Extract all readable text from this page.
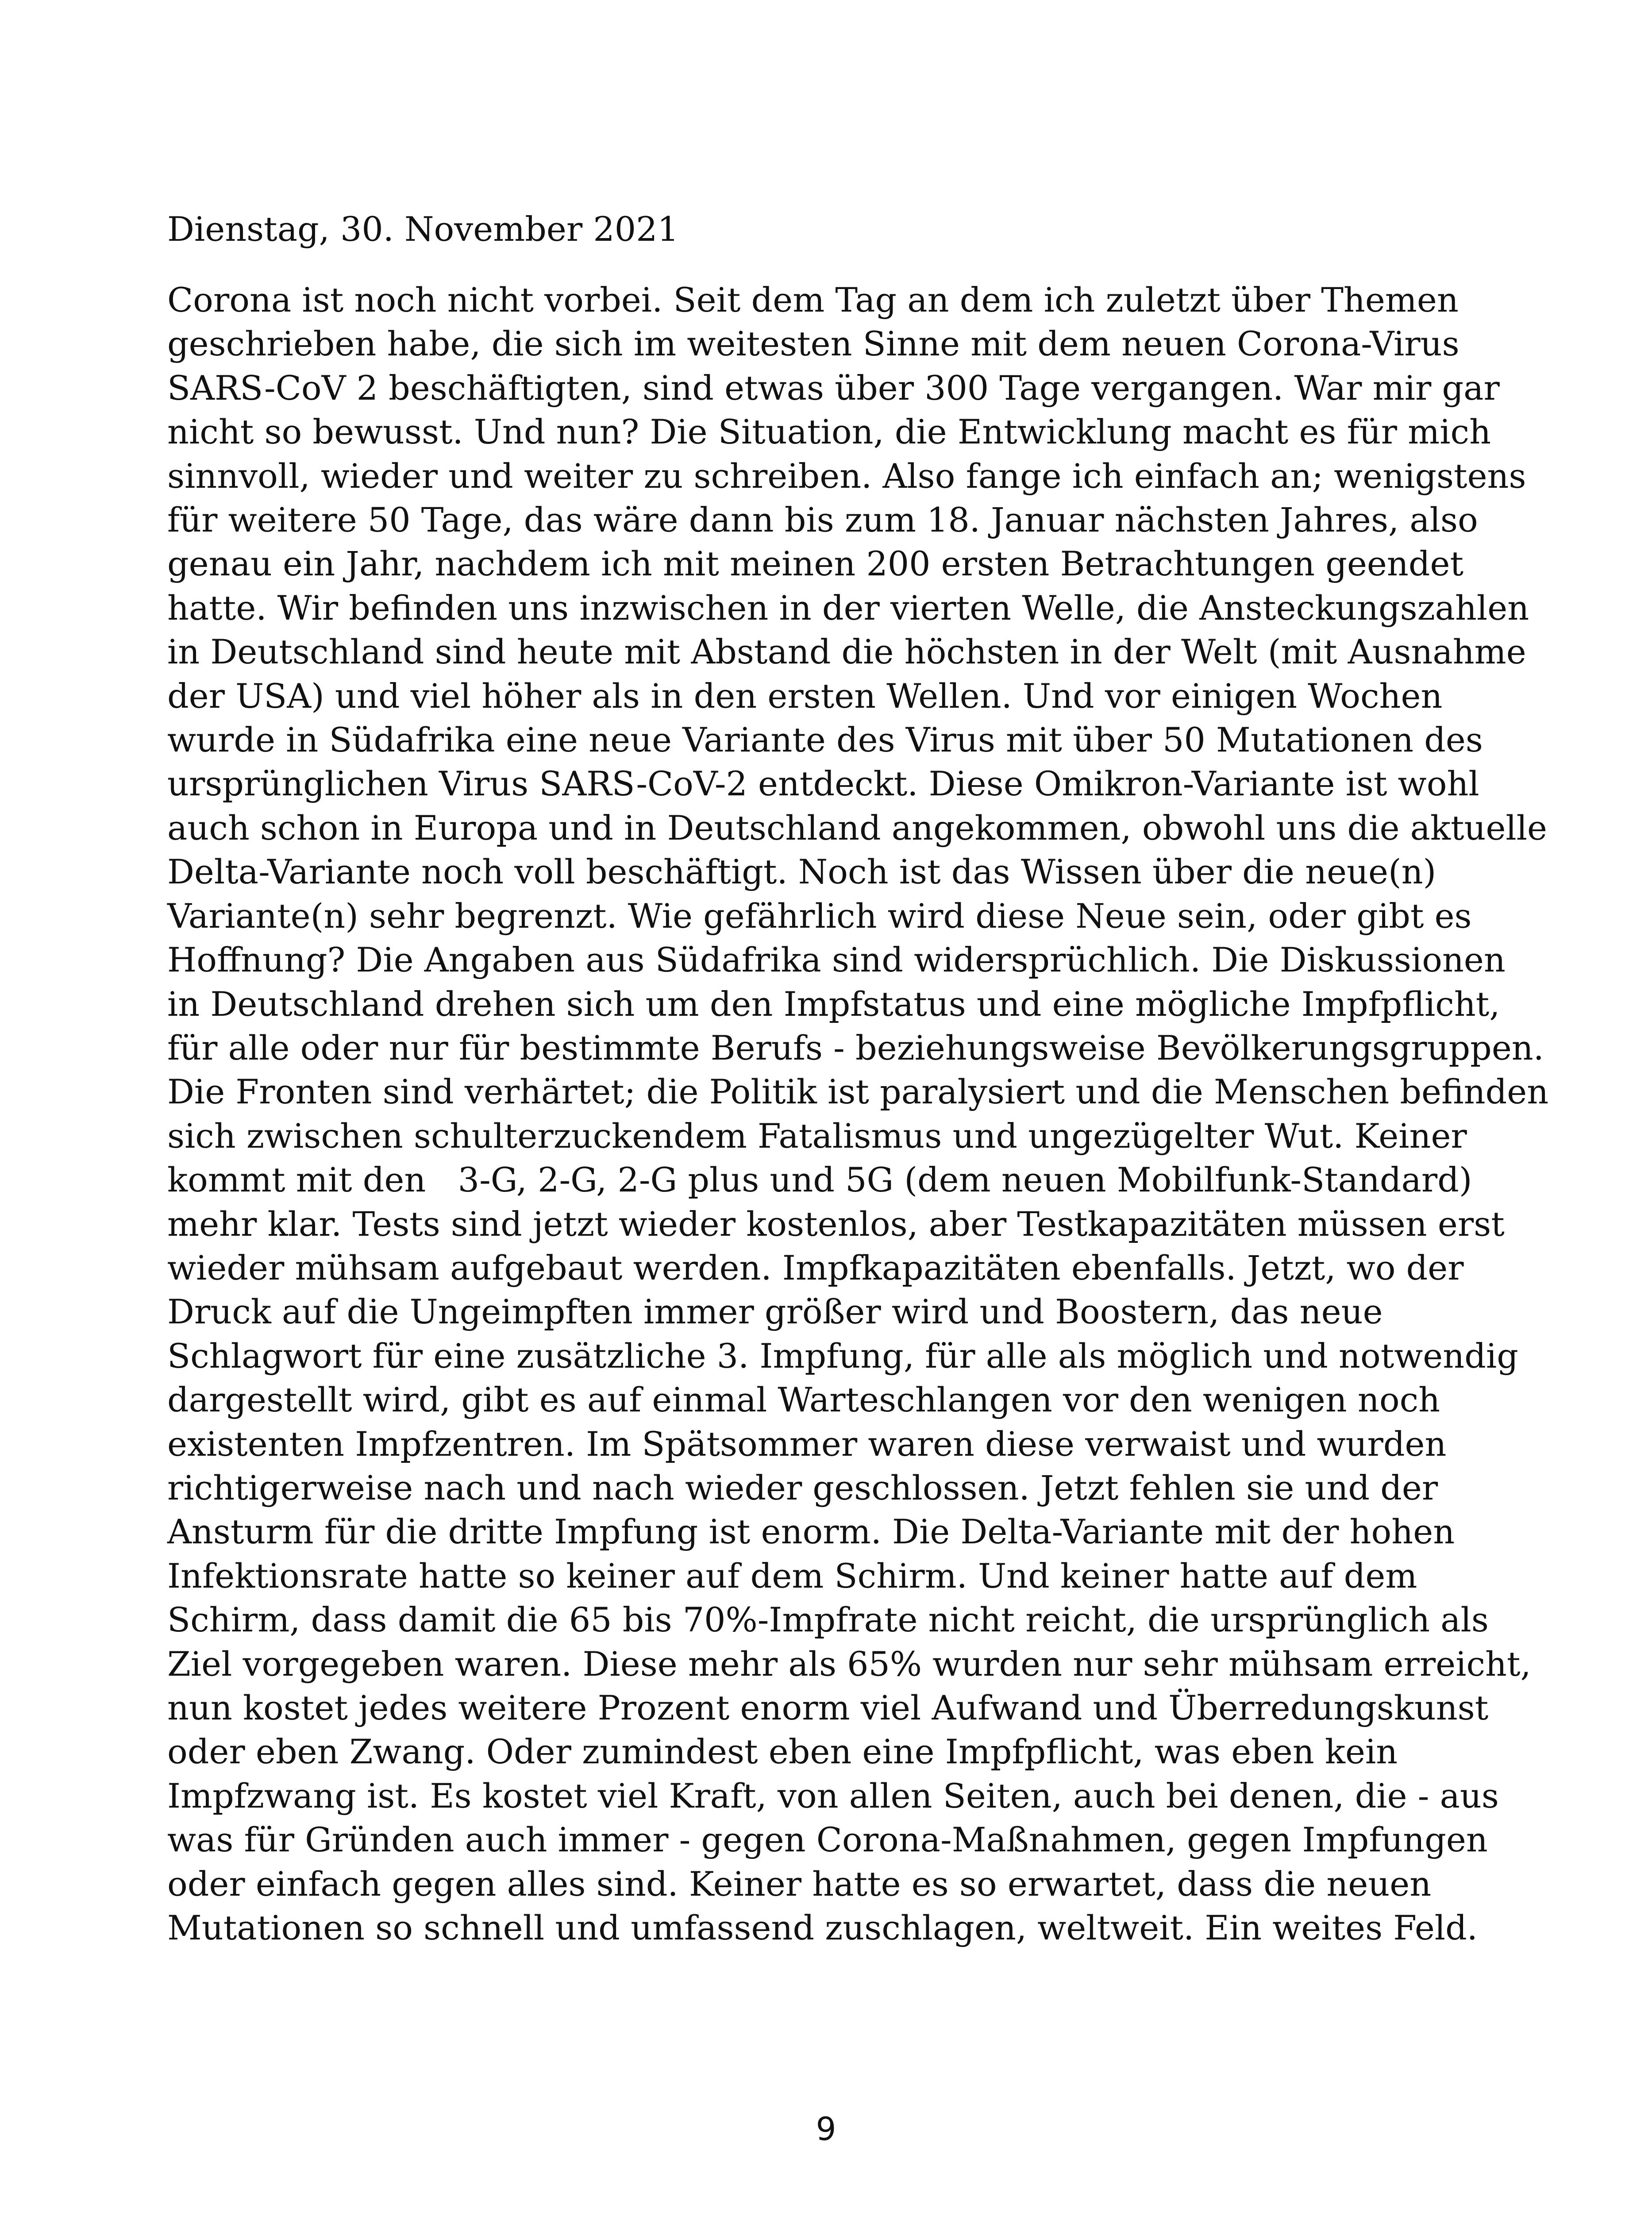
Dienstag, 30. November 2021
Corona ist noch nicht vorbei. Seit dem Tag an dem ich zuletzt über Themen
geschrieben habe, die sich im weitesten Sinne mit dem neuen Corona-Virus
SARS-CoV 2 beschäftigten, sind etwas über 300 Tage vergangen. War mir gar
nicht so bewusst. Und nun? Die Situation, die Entwicklung macht es für mich
sinnvoll, wieder und weiter zu schreiben. Also fange ich einfach an; wenigstens
für weitere 50 Tage, das wäre dann bis zum 18. Januar nächsten Jahres, also
genau ein Jahr, nachdem ich mit meinen 200 ersten Betrachtungen geendet
hatte. Wir befinden uns inzwischen in der vierten Welle, die Ansteckungszahlen
in Deutschland sind heute mit Abstand die höchsten in der Welt (mit Ausnahme
der USA) und viel höher als in den ersten Wellen. Und vor einigen Wochen
wurde in Südafrika eine neue Variante des Virus mit über 50 Mutationen des
ursprünglichen Virus SARS-CoV-2 entdeckt. Diese Omikron-Variante ist wohl
auch schon in Europa und in Deutschland angekommen, obwohl uns die aktuelle
Delta-Variante noch voll beschäftigt. Noch ist das Wissen über die neue(n)
Variante(n) sehr begrenzt. Wie gefährlich wird diese Neue sein, oder gibt es
Hoffnung? Die Angaben aus Südafrika sind widersprüchlich. Die Diskussionen
in Deutschland drehen sich um den Impfstatus und eine mögliche Impfpflicht,
für alle oder nur für bestimmte Berufs - beziehungsweise Bevölkerungsgruppen.
Die Fronten sind verhärtet; die Politik ist paralysiert und die Menschen befinden
sich zwischen schulterzuckendem Fatalismus und ungezügelter Wut. Keiner
kommt mit den   3-G, 2-G, 2-G plus und 5G (dem neuen Mobilfunk-Standard)
mehr klar. Tests sind jetzt wieder kostenlos, aber Testkapazitäten müssen erst
wieder mühsam aufgebaut werden. Impfkapazitäten ebenfalls. Jetzt, wo der
Druck auf die Ungeimpften immer größer wird und Boostern, das neue
Schlagwort für eine zusätzliche 3. Impfung, für alle als möglich und notwendig
dargestellt wird, gibt es auf einmal Warteschlangen vor den wenigen noch
existenten Impfzentren. Im Spätsommer waren diese verwaist und wurden
richtigerweise nach und nach wieder geschlossen. Jetzt fehlen sie und der
Ansturm für die dritte Impfung ist enorm. Die Delta-Variante mit der hohen
Infektionsrate hatte so keiner auf dem Schirm. Und keiner hatte auf dem
Schirm, dass damit die 65 bis 70%-Impfrate nicht reicht, die ursprünglich als
Ziel vorgegeben waren. Diese mehr als 65% wurden nur sehr mühsam erreicht,
nun kostet jedes weitere Prozent enorm viel Aufwand und Überredungskunst
oder eben Zwang. Oder zumindest eben eine Impfpflicht, was eben kein
Impfzwang ist. Es kostet viel Kraft, von allen Seiten, auch bei denen, die - aus
was für Gründen auch immer - gegen Corona-Maßnahmen, gegen Impfungen
oder einfach gegen alles sind. Keiner hatte es so erwartet, dass die neuen
Mutationen so schnell und umfassend zuschlagen, weltweit. Ein weites Feld.
9
